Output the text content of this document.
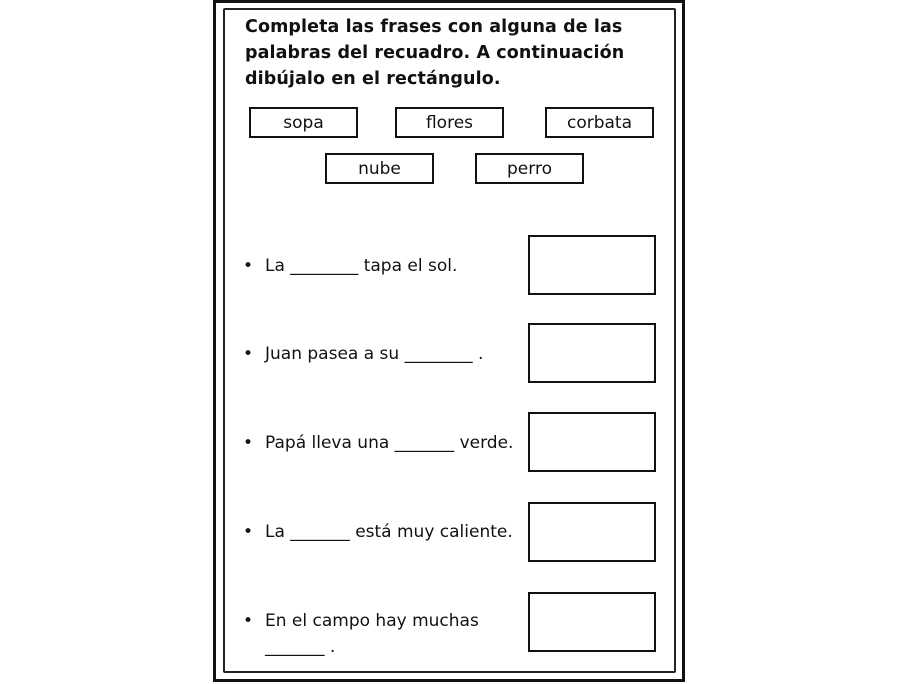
Completa las frases con alguna de las palabras del recuadro. A continuación dibújalo en el rectángulo.
sopa	flores	corbata
nube	perro
• La ________ tapa el sol.
• Juan pasea a su ________ .
• Papá lleva una _______ verde.
• La _______ está muy caliente.
• En el campo hay muchas
_______ .
